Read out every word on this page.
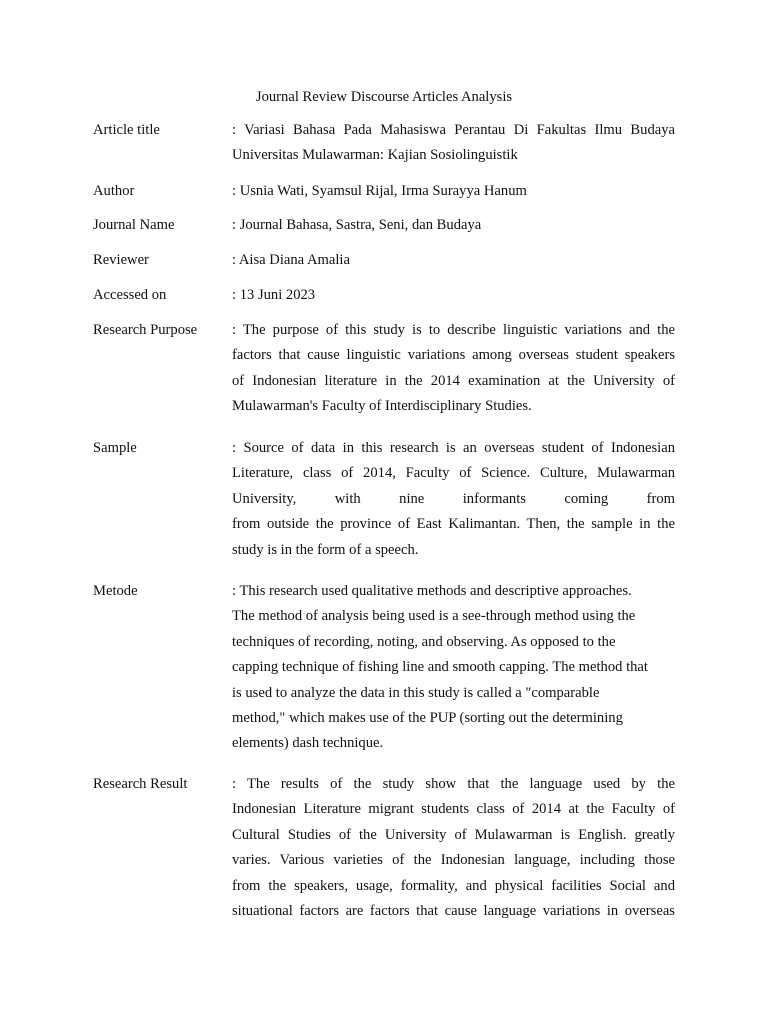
Journal Review Discourse Articles Analysis
Article title	: Variasi Bahasa Pada Mahasiswa Perantau Di Fakultas Ilmu Budaya
Universitas Mulawarman: Kajian Sosiolinguistik
Author	: Usnia Wati, Syamsul Rijal, Irma Surayya Hanum
Journal Name	: Journal Bahasa, Sastra, Seni, dan Budaya
Reviewer	: Aisa Diana Amalia
Accessed on	: 13 Juni 2023
Research Purpose	: The purpose of this study is to describe linguistic variations and the
factors that cause linguistic variations among overseas student speakers
of Indonesian literature in the 2014 examination at the University of
Mulawarman's Faculty of Interdisciplinary Studies.
Sample	: Source of data in this research is an overseas student of Indonesian
Literature, class of 2014, Faculty of Science. Culture, Mulawarman
University, with nine informants coming from
from outside the province of East Kalimantan. Then, the sample in the
study is in the form of a speech.
Metode	: This research used qualitative methods and descriptive approaches.
The method of analysis being used is a see-through method using the
techniques of recording, noting, and observing. As opposed to the
capping technique of fishing line and smooth capping. The method that
is used to analyze the data in this study is called a "comparable
method," which makes use of the PUP (sorting out the determining
elements) dash technique.
Research Result	: The results of the study show that the language used by the
Indonesian Literature migrant students class of 2014 at the Faculty of
Cultural Studies of the University of Mulawarman is English. greatly
varies. Various varieties of the Indonesian language, including those
from the speakers, usage, formality, and physical facilities Social and
situational factors are factors that cause language variations in overseas
